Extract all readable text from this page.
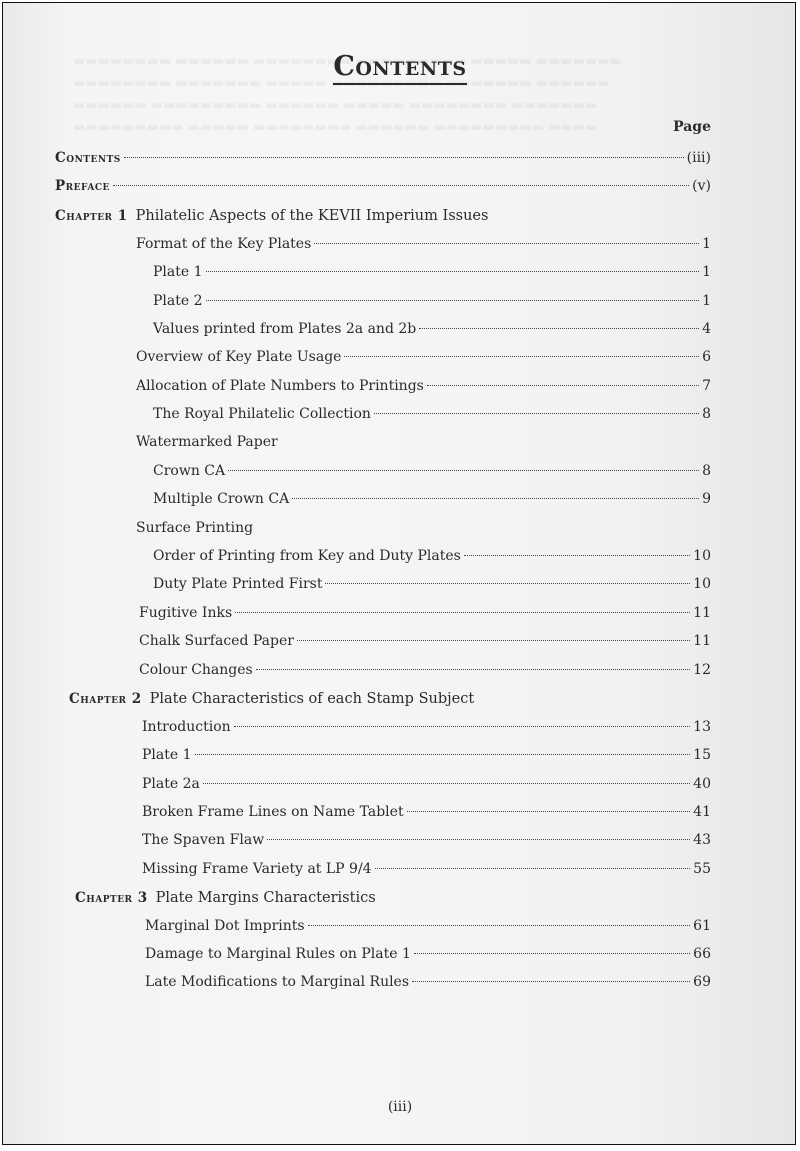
Contents
Page
Contents	(iii)
Preface	(v)
Chapter 1 Philatelic Aspects of the KEVII Imperium Issues
Format of the Key Plates	1
Plate 1	1
Plate 2	1
Values printed from Plates 2a and 2b	4
Overview of Key Plate Usage	6
Allocation of Plate Numbers to Printings	7
The Royal Philatelic Collection	8
Watermarked Paper
Crown CA	8
Multiple Crown CA	9
Surface Printing
Order of Printing from Key and Duty Plates	10
Duty Plate Printed First	10
Fugitive Inks	11
Chalk Surfaced Paper	11
Colour Changes	12
Chapter 2 Plate Characteristics of each Stamp Subject
Introduction	13
Plate 1	15
Plate 2a	40
Broken Frame Lines on Name Tablet	41
The Spaven Flaw	43
Missing Frame Variety at LP 9/4	55
Chapter 3 Plate Margins Characteristics
Marginal Dot Imprints	61
Damage to Marginal Rules on Plate 1	66
Late Modifications to Marginal Rules	69
(iii)
